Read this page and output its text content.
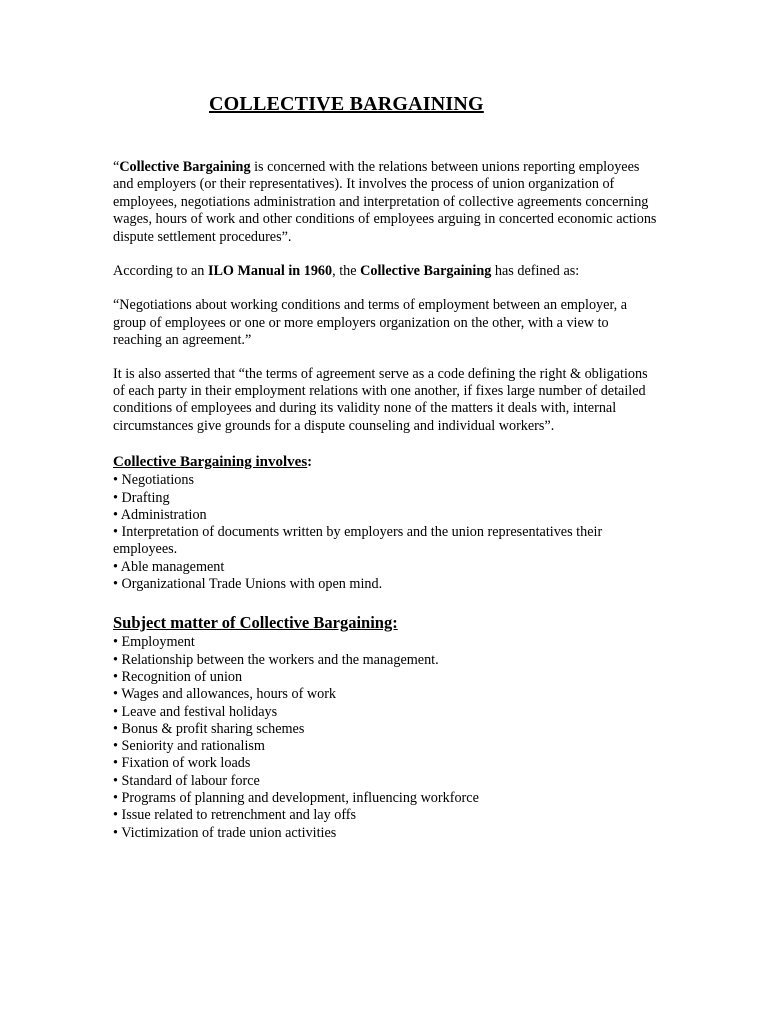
COLLECTIVE BARGAINING

“Collective Bargaining is concerned with the relations between unions reporting employees and employers (or their representatives). It involves the process of union organization of employees, negotiations administration and interpretation of collective agreements concerning wages, hours of work and other conditions of employees arguing in concerted economic actions dispute settlement procedures”.

According to an ILO Manual in 1960, the Collective Bargaining has defined as:

“Negotiations about working conditions and terms of employment between an employer, a group of employees or one or more employers organization on the other, with a view to reaching an agreement.”

It is also asserted that “the terms of agreement serve as a code defining the right & obligations of each party in their employment relations with one another, if fixes large number of detailed conditions of employees and during its validity none of the matters it deals with, internal circumstances give grounds for a dispute counseling and individual workers”.

Collective Bargaining involves:
• Negotiations
• Drafting
• Administration
• Interpretation of documents written by employers and the union representatives their employees.
• Able management
• Organizational Trade Unions with open mind.
Subject matter of Collective Bargaining:
• Employment
• Relationship between the workers and the management.
• Recognition of union
• Wages and allowances, hours of work
• Leave and festival holidays
• Bonus & profit sharing schemes
• Seniority and rationalism
• Fixation of work loads
• Standard of labour force
• Programs of planning and development, influencing workforce
• Issue related to retrenchment and lay offs
• Victimization of trade union activities
